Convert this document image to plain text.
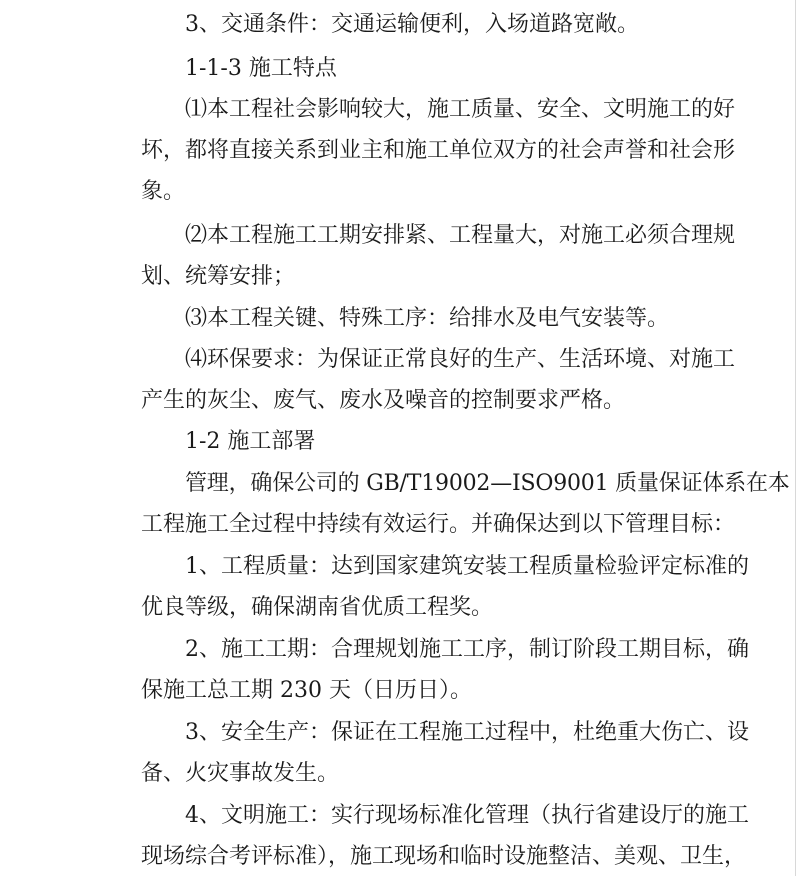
3、交通条件：交通运输便利，入场道路宽敞。
1-1-3 施工特点
⑴本工程社会影响较大，施工质量、安全、文明施工的好
坏，都将直接关系到业主和施工单位双方的社会声誉和社会形
象。
⑵本工程施工工期安排紧、工程量大，对施工必须合理规
划、统筹安排；
⑶本工程关键、特殊工序：给排水及电气安装等。
⑷环保要求：为保证正常良好的生产、生活环境、对施工
产生的灰尘、废气、废水及噪音的控制要求严格。
1-2 施工部署
管理，确保公司的 GB/T19002—ISO9001 质量保证体系在本
工程施工全过程中持续有效运行。并确保达到以下管理目标：
1、工程质量：达到国家建筑安装工程质量检验评定标准的
优良等级，确保湖南省优质工程奖。
2、施工工期：合理规划施工工序，制订阶段工期目标，确
保施工总工期 230 天（日历日）。
3、安全生产：保证在工程施工过程中，杜绝重大伤亡、设
备、火灾事故发生。
4、文明施工：实行现场标准化管理（执行省建设厅的施工
现场综合考评标准），施工现场和临时设施整洁、美观、卫生，
